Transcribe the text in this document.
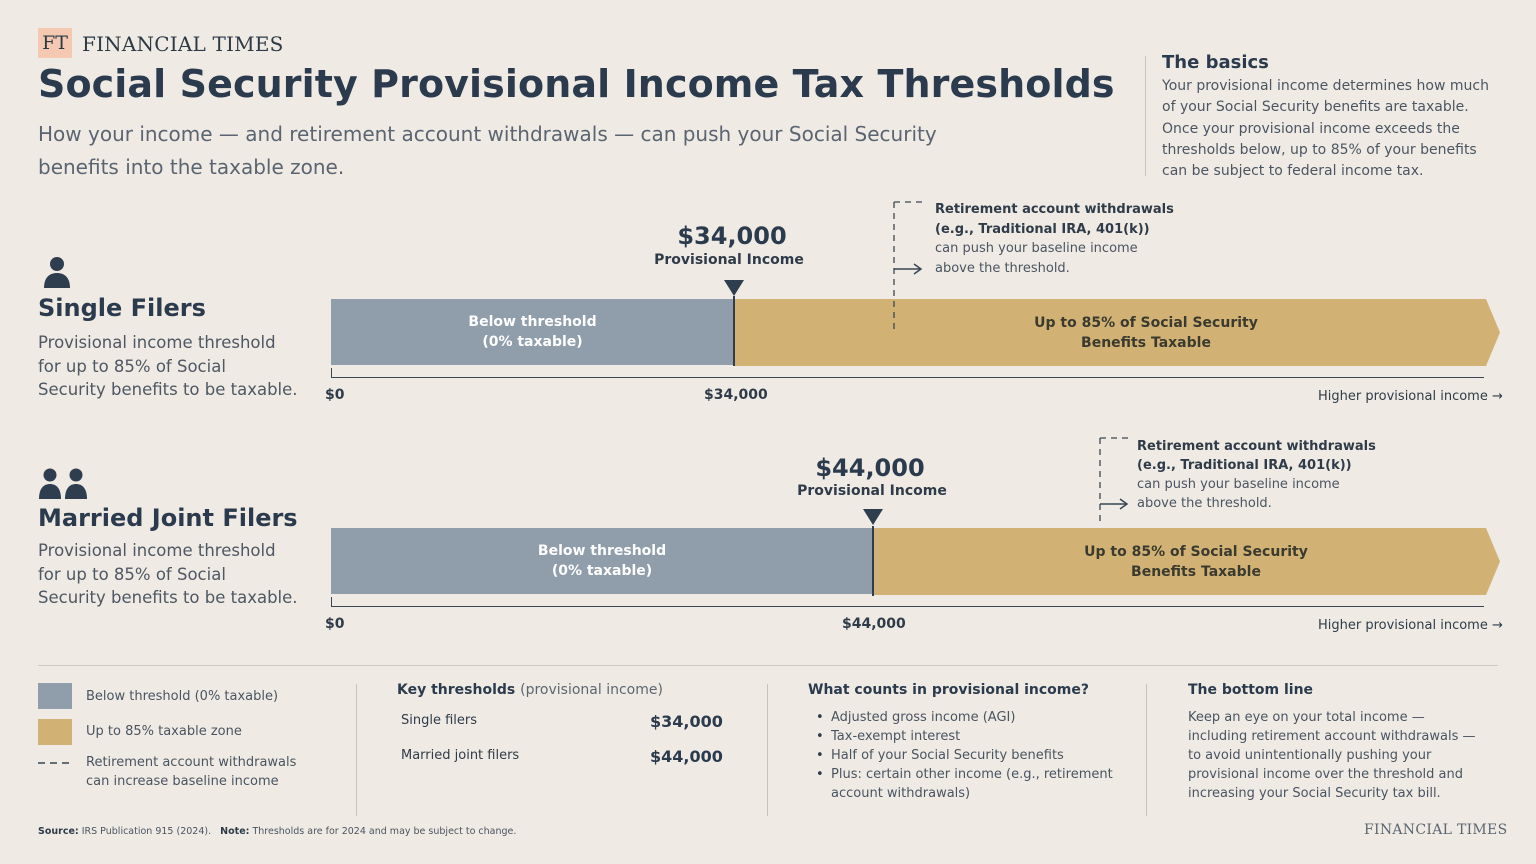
FT FINANCIAL TIMES
Social Security Provisional Income Tax Thresholds
How your income — and retirement account withdrawals — can push your Social Security benefits into the taxable zone.
The basics
Your provisional income determines how much of your Social Security benefits are taxable. Once your provisional income exceeds the thresholds below, up to 85% of your benefits can be subject to federal income tax.
Single Filers
Provisional income threshold for up to 85% of Social Security benefits to be taxable.
$34,000
Provisional Income
Below threshold
(0% taxable)
Up to 85% of Social Security
Benefits Taxable
Retirement account withdrawals
(e.g., Traditional IRA, 401(k))
can push your baseline income
above the threshold.
$0	$34,000	Higher provisional income →
Married Joint Filers
Provisional income threshold for up to 85% of Social Security benefits to be taxable.
$44,000
Provisional Income
Below threshold
(0% taxable)
Up to 85% of Social Security
Benefits Taxable
Retirement account withdrawals
(e.g., Traditional IRA, 401(k))
can push your baseline income
above the threshold.
$0	$44,000	Higher provisional income →
Below threshold (0% taxable)
Up to 85% taxable zone
Retirement account withdrawals
can increase baseline income
Key thresholds (provisional income)
Single filers	$34,000
Married joint filers	$44,000
What counts in provisional income?
• Adjusted gross income (AGI)
• Tax-exempt interest
• Half of your Social Security benefits
• Plus: certain other income (e.g., retirement account withdrawals)
The bottom line
Keep an eye on your total income — including retirement account withdrawals — to avoid unintentionally pushing your provisional income over the threshold and increasing your Social Security tax bill.
Source: IRS Publication 915 (2024). Note: Thresholds are for 2024 and may be subject to change.	FINANCIAL TIMES
